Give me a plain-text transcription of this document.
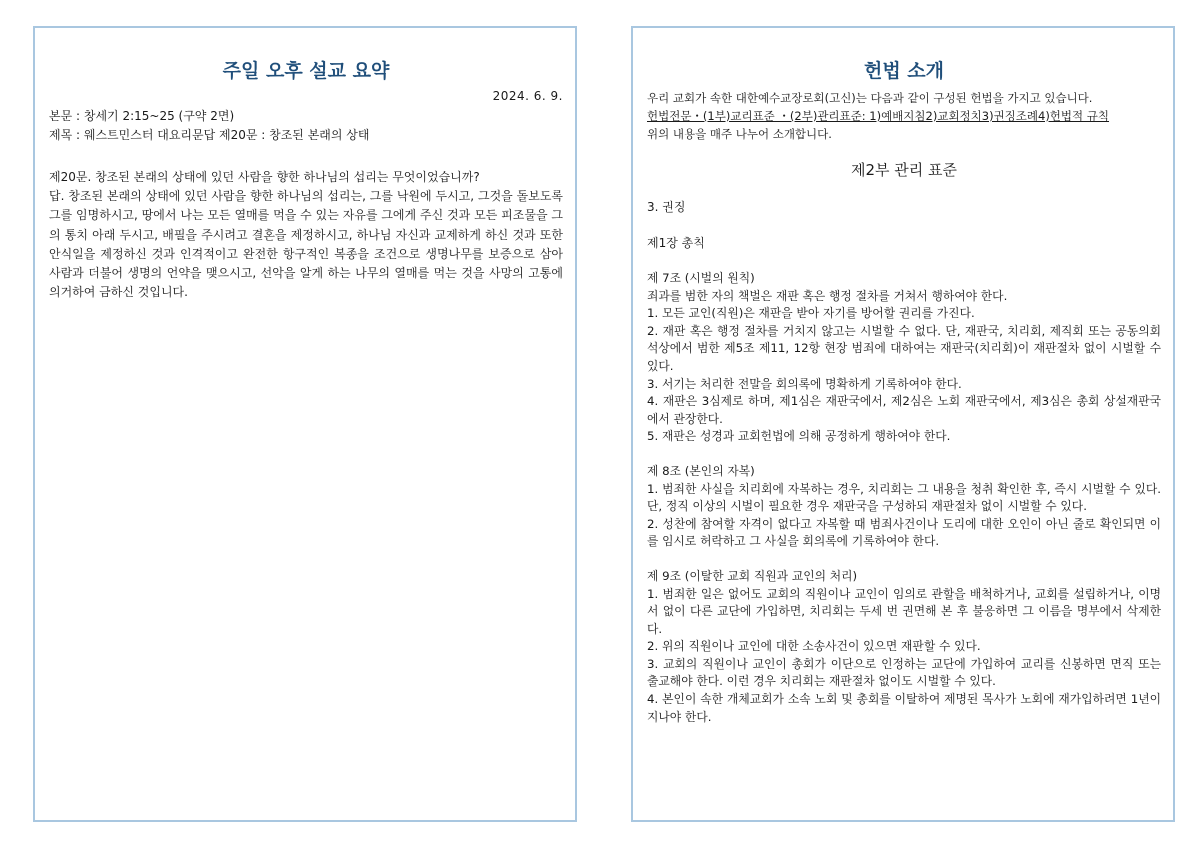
주일 오후 설교 요약
2024. 6. 9.
본문 : 창세기 2:15~25 (구약 2면)
제목 : 웨스트민스터 대요리문답 제20문 : 창조된 본래의 상태

제20문. 창조된 본래의 상태에 있던 사람을 향한 하나님의 섭리는 무엇이었습니까?

답. 창조된 본래의 상태에 있던 사람을 향한 하나님의 섭리는, 그를 낙원에 두시고, 그것을 돌보도록 그를 임명하시고, 땅에서 나는 모든 열매를 먹을 수 있는 자유를 그에게 주신 것과 모든 피조물을 그의 통치 아래 두시고, 배필을 주시려고 결혼을 제정하시고, 하나님 자신과 교제하게 하신 것과 또한 안식일을 제정하신 것과 인격적이고 완전한 항구적인 복종을 조건으로 생명나무를 보증으로 삼아 사람과 더불어 생명의 언약을 맺으시고, 선악을 알게 하는 나무의 열매를 먹는 것을 사망의 고통에 의거하여 금하신 것입니다.

헌법 소개
우리 교회가 속한 대한예수교장로회(고신)는 다음과 같이 구성된 헌법을 가지고 있습니다.
헌법전문・(1부)교리표준 ・(2부)관리표준: 1)예배지침2)교회정치3)권징조례4)헌법적 규칙
위의 내용을 매주 나누어 소개합니다.
제2부 관리 표준
3. 권징
제1장 총칙

제 7조 (시벌의 원칙)

죄과를 범한 자의 책벌은 재판 혹은 행정 절차를 거쳐서 행하여야 한다.

1. 모든 교인(직원)은 재판을 받아 자기를 방어할 권리를 가진다.

2. 재판 혹은 행정 절차를 거치지 않고는 시벌할 수 없다. 단, 재판국, 치리회, 제직회 또는 공동의회 석상에서 범한 제5조 제11, 12항 현장 범죄에 대하여는 재판국(치리회)이 재판절차 없이 시벌할 수 있다.

3. 서기는 처리한 전말을 회의록에 명확하게 기록하여야 한다.

4. 재판은 3심제로 하며, 제1심은 재판국에서, 제2심은 노회 재판국에서, 제3심은 총회 상설재판국에서 관장한다.

5. 재판은 성경과 교회헌법에 의해 공정하게 행하여야 한다.

제 8조 (본인의 자복)

1. 범죄한 사실을 치리회에 자복하는 경우, 치리회는 그 내용을 청취 확인한 후, 즉시 시벌할 수 있다. 단, 정직 이상의 시벌이 필요한 경우 재판국을 구성하되 재판절차 없이 시벌할 수 있다.

2. 성찬에 참여할 자격이 없다고 자복할 때 범죄사건이나 도리에 대한 오인이 아닌 줄로 확인되면 이를 임시로 허락하고 그 사실을 회의록에 기록하여야 한다.

제 9조 (이탈한 교회 직원과 교인의 처리)

1. 범죄한 일은 없어도 교회의 직원이나 교인이 임의로 관할을 배척하거나, 교회를 설립하거나, 이명서 없이 다른 교단에 가입하면, 치리회는 두세 번 권면해 본 후 불응하면 그 이름을 명부에서 삭제한다.

2. 위의 직원이나 교인에 대한 소송사건이 있으면 재판할 수 있다.

3. 교회의 직원이나 교인이 총회가 이단으로 인정하는 교단에 가입하여 교리를 신봉하면 면직 또는 출교해야 한다. 이런 경우 치리회는 재판절차 없이도 시벌할 수 있다.

4. 본인이 속한 개체교회가 소속 노회 및 총회를 이탈하여 제명된 목사가 노회에 재가입하려면 1년이 지나야 한다.
